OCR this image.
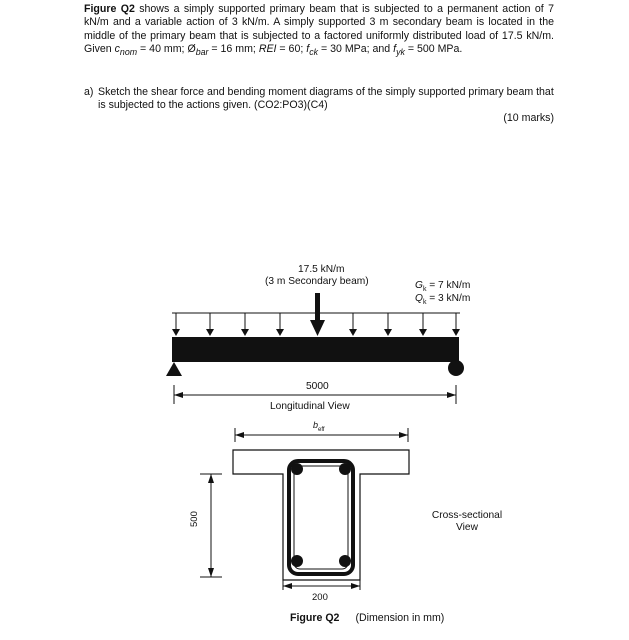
Figure Q2 shows a simply supported primary beam that is subjected to a permanent action of 7 kN/m and a variable action of 3 kN/m. A simply supported 3 m secondary beam is located in the middle of the primary beam that is subjected to a factored uniformly distributed load of 17.5 kN/m. Given $c_{nom} = 40$ mm; $Ø_{bar} = 16$ mm; REI = 60; $f_{ck} = 30$ MPa; and $f_{yk} = 500$ MPa.
a) Sketch the shear force and bending moment diagrams of the simply supported primary beam that is subjected to the actions given. (CO2:PO3)(C4)
(10 marks)
17.5 kN/m
(3 m Secondary beam)	$G_k = 7$ kN/m
$Q_k = 3$ kN/m
5000
Longitudinal View
$b_{eff}$
500
200
Cross-sectional View
Figure Q2 (Dimension in mm)
